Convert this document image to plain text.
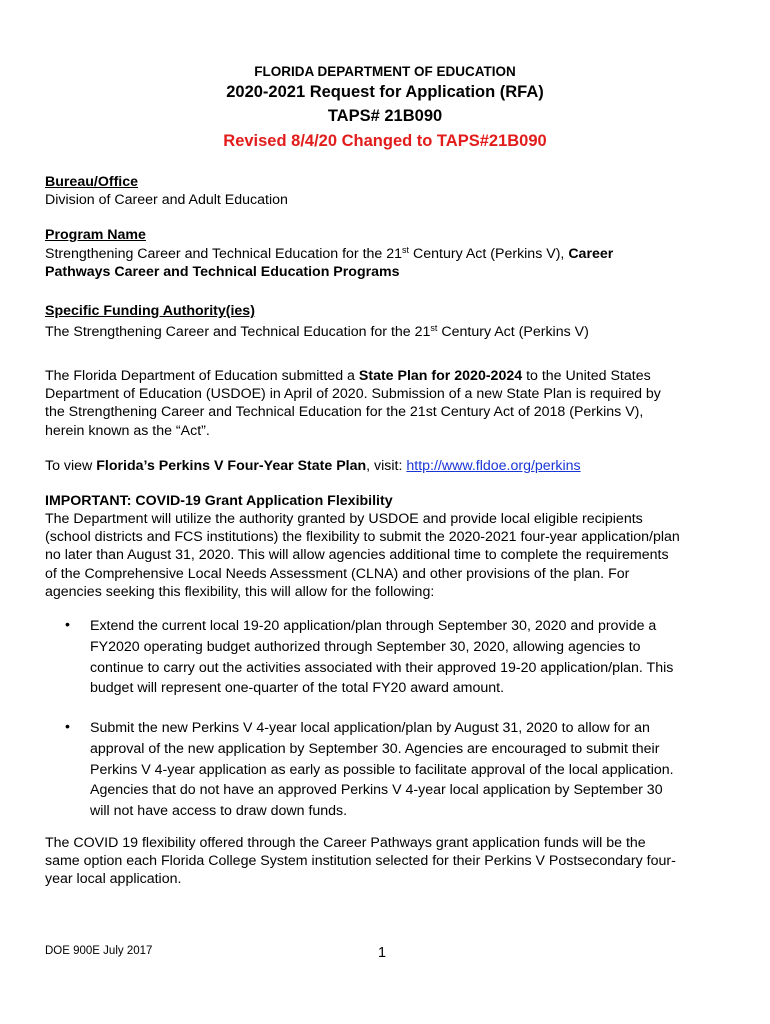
FLORIDA DEPARTMENT OF EDUCATION

2020-2021 Request for Application (RFA)

TAPS# 21B090

Revised 8/4/20 Changed to TAPS#21B090

Bureau/Office

Division of Career and Adult Education

Program Name

Strengthening Career and Technical Education for the 21st Century Act (Perkins V), Career
Pathways Career and Technical Education Programs

Specific Funding Authority(ies)

The Strengthening Career and Technical Education for the 21st Century Act (Perkins V)

The Florida Department of Education submitted a State Plan for 2020-2024 to the United States
Department of Education (USDOE) in April of 2020. Submission of a new State Plan is required by
the Strengthening Career and Technical Education for the 21st Century Act of 2018 (Perkins V),
herein known as the “Act”.

To view Florida’s Perkins V Four-Year State Plan, visit: http://www.fldoe.org/perkins

IMPORTANT: COVID-19 Grant Application Flexibility

The Department will utilize the authority granted by USDOE and provide local eligible recipients
(school districts and FCS institutions) the flexibility to submit the 2020-2021 four-year application/plan
no later than August 31, 2020. This will allow agencies additional time to complete the requirements
of the Comprehensive Local Needs Assessment (CLNA) and other provisions of the plan. For
agencies seeking this flexibility, this will allow for the following:

• Extend the current local 19-20 application/plan through September 30, 2020 and provide a
FY2020 operating budget authorized through September 30, 2020, allowing agencies to
continue to carry out the activities associated with their approved 19-20 application/plan. This
budget will represent one-quarter of the total FY20 award amount.

• Submit the new Perkins V 4-year local application/plan by August 31, 2020 to allow for an
approval of the new application by September 30. Agencies are encouraged to submit their
Perkins V 4-year application as early as possible to facilitate approval of the local application.
Agencies that do not have an approved Perkins V 4-year local application by September 30
will not have access to draw down funds.

The COVID 19 flexibility offered through the Career Pathways grant application funds will be the
same option each Florida College System institution selected for their Perkins V Postsecondary four-
year local application.

DOE 900E July 2017	1
